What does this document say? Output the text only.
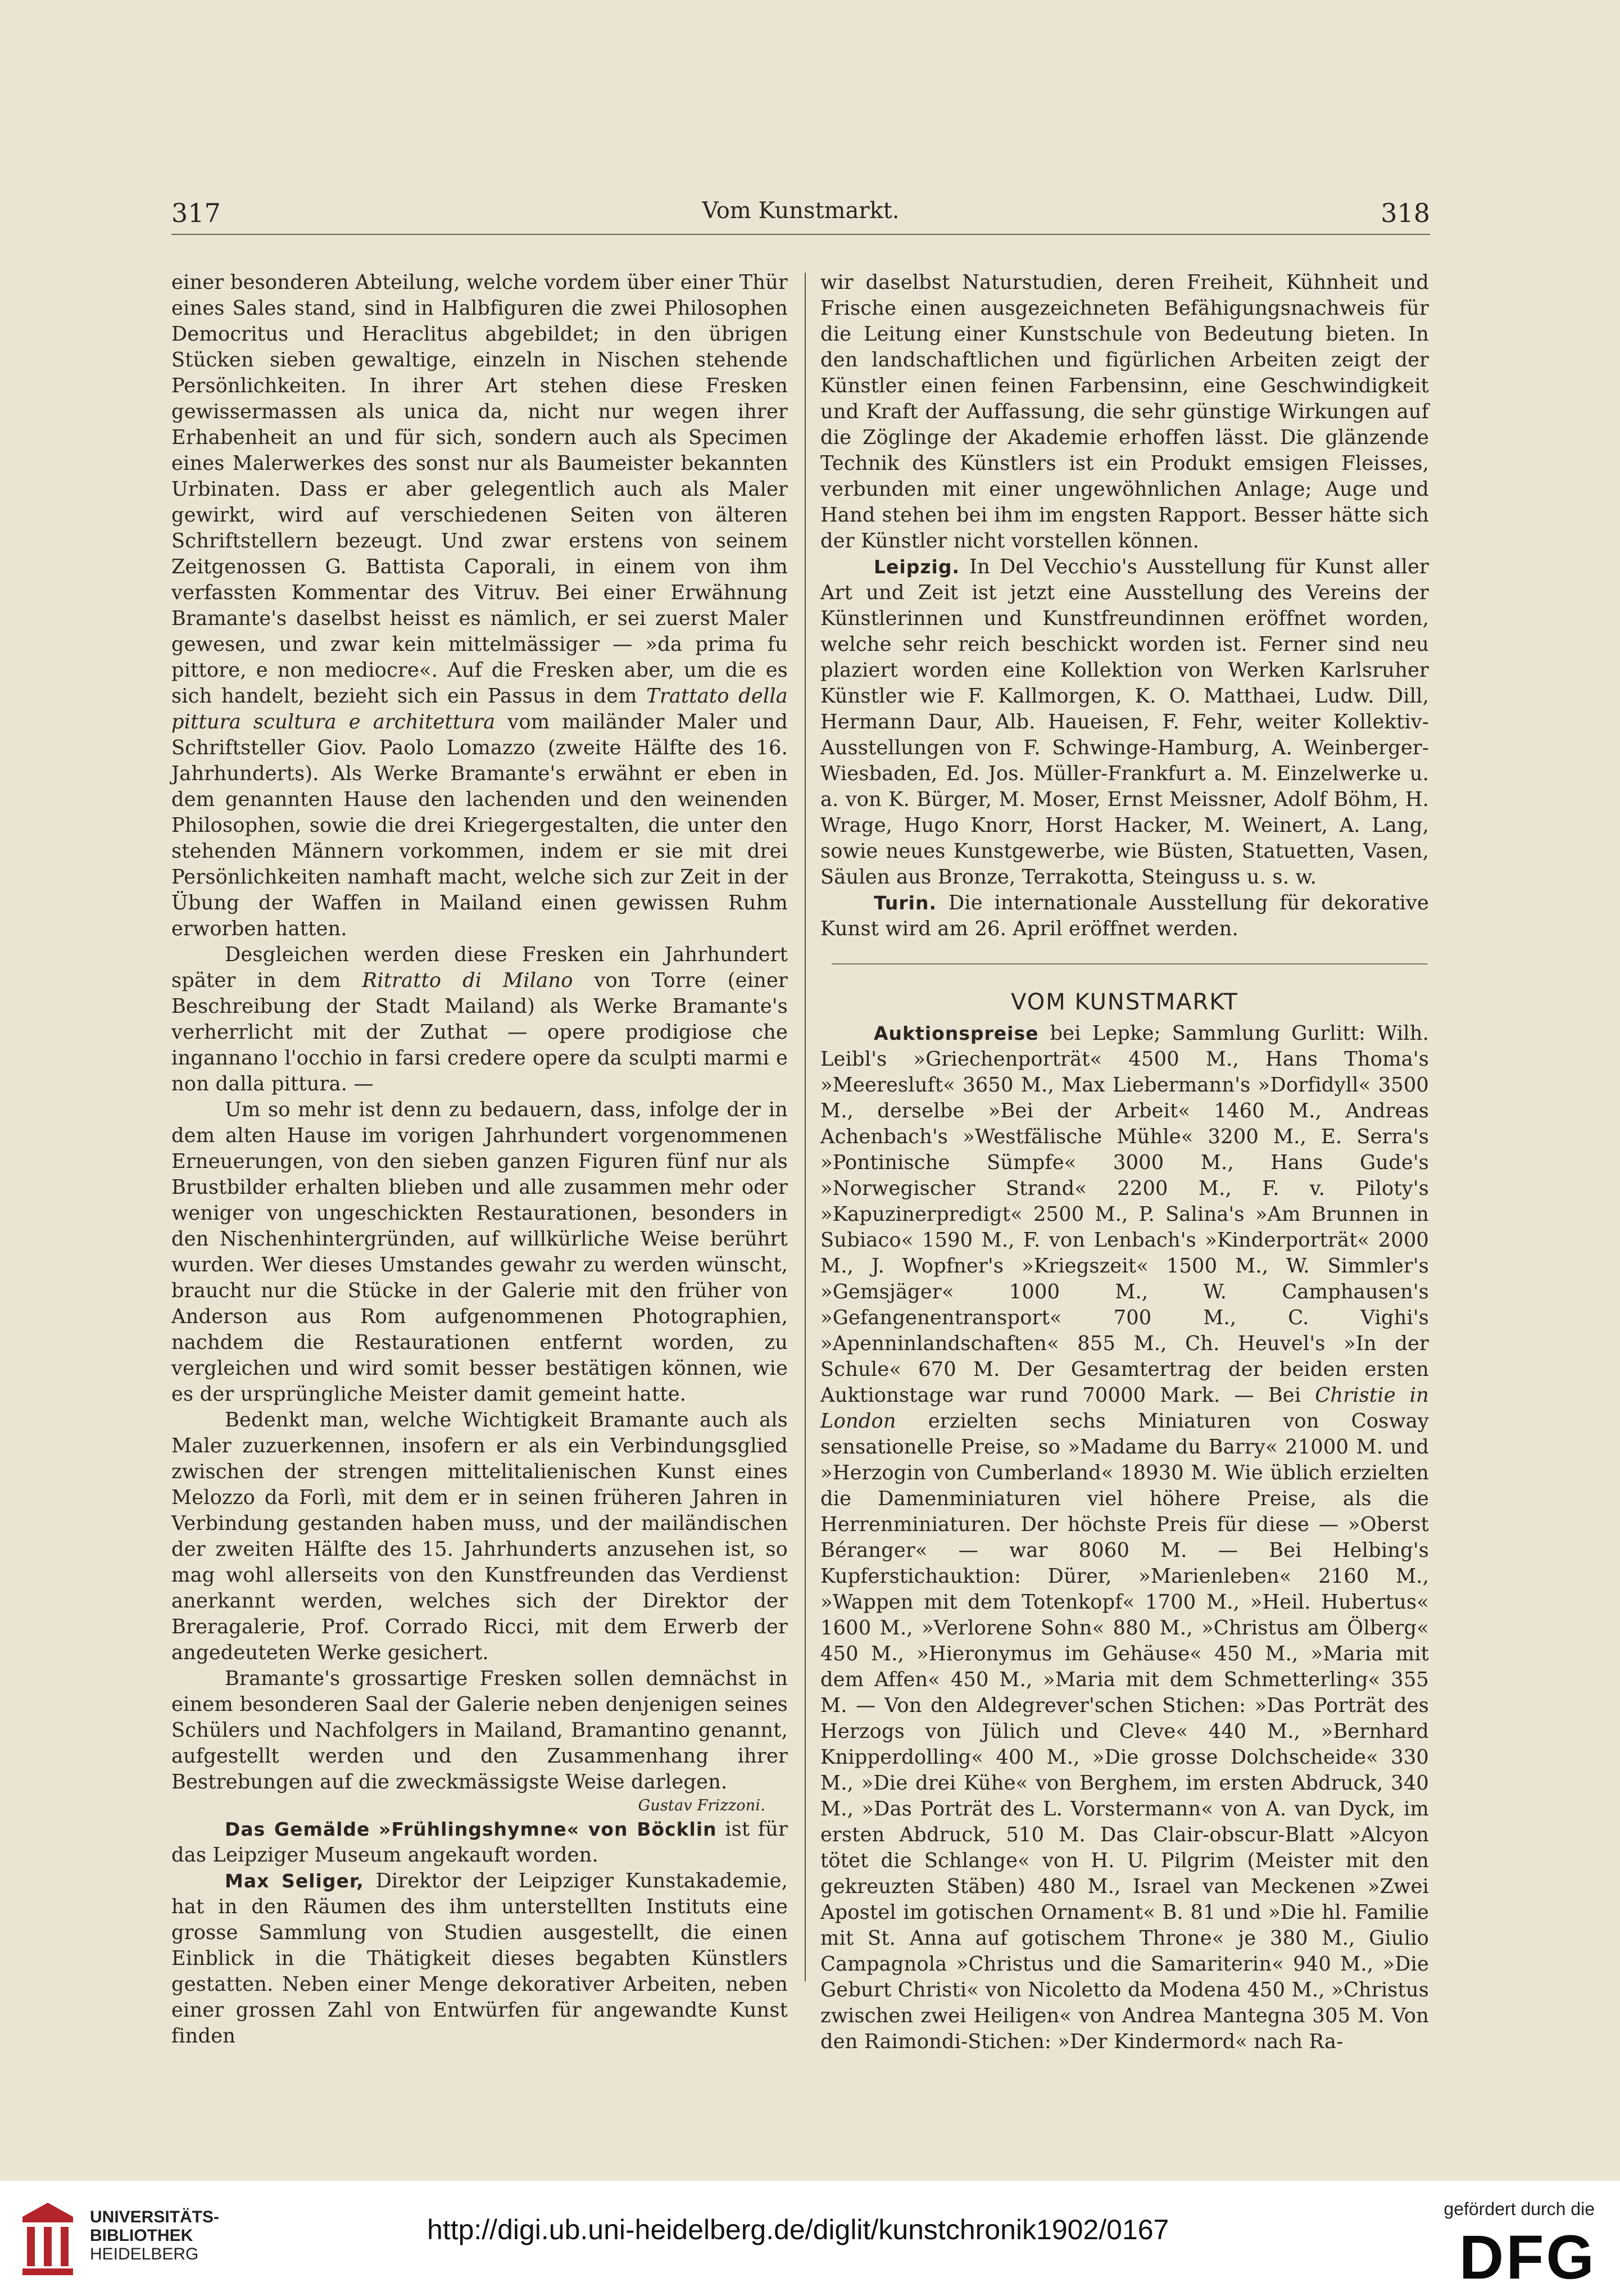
317	Vom Kunstmarkt.	318

einer besonderen Abteilung, welche vordem über einer Thür eines Sales stand, sind in Halbfiguren die zwei Philosophen Democritus und Heraclitus abgebildet; in den übrigen Stücken sieben gewaltige, einzeln in Nischen stehende Persönlichkeiten. In ihrer Art stehen diese Fresken gewissermassen als unica da, nicht nur wegen ihrer Erhabenheit an und für sich, sondern auch als Specimen eines Malerwerkes des sonst nur als Baumeister bekannten Urbinaten. Dass er aber gelegentlich auch als Maler gewirkt, wird auf verschiedenen Seiten von älteren Schriftstellern bezeugt. Und zwar erstens von seinem Zeitgenossen G. Battista Caporali, in einem von ihm verfassten Kommentar des Vitruv. Bei einer Erwähnung Bramante's daselbst heisst es nämlich, er sei zuerst Maler gewesen, und zwar kein mittelmässiger — »da prima fu pittore, e non mediocre«. Auf die Fresken aber, um die es sich handelt, bezieht sich ein Passus in dem Trattato della pittura scultura e architettura vom mailänder Maler und Schriftsteller Giov. Paolo Lomazzo (zweite Hälfte des 16. Jahrhunderts). Als Werke Bramante's erwähnt er eben in dem genannten Hause den lachenden und den weinenden Philosophen, sowie die drei Kriegergestalten, die unter den stehenden Männern vorkommen, indem er sie mit drei Persönlichkeiten namhaft macht, welche sich zur Zeit in der Übung der Waffen in Mailand einen gewissen Ruhm erworben hatten.

Desgleichen werden diese Fresken ein Jahrhundert später in dem Ritratto di Milano von Torre (einer Beschreibung der Stadt Mailand) als Werke Bramante's verherrlicht mit der Zuthat — opere prodigiose che ingannano l'occhio in farsi credere opere da sculpti marmi e non dalla pittura. —

Um so mehr ist denn zu bedauern, dass, infolge der in dem alten Hause im vorigen Jahrhundert vorgenommenen Erneuerungen, von den sieben ganzen Figuren fünf nur als Brustbilder erhalten blieben und alle zusammen mehr oder weniger von ungeschickten Restaurationen, besonders in den Nischenhintergründen, auf willkürliche Weise berührt wurden. Wer dieses Umstandes gewahr zu werden wünscht, braucht nur die Stücke in der Galerie mit den früher von Anderson aus Rom aufgenommenen Photographien, nachdem die Restaurationen entfernt worden, zu vergleichen und wird somit besser bestätigen können, wie es der ursprüngliche Meister damit gemeint hatte.

Bedenkt man, welche Wichtigkeit Bramante auch als Maler zuzuerkennen, insofern er als ein Verbindungsglied zwischen der strengen mittelitalienischen Kunst eines Melozzo da Forlì, mit dem er in seinen früheren Jahren in Verbindung gestanden haben muss, und der mailändischen der zweiten Hälfte des 15. Jahrhunderts anzusehen ist, so mag wohl allerseits von den Kunstfreunden das Verdienst anerkannt werden, welches sich der Direktor der Breragalerie, Prof. Corrado Ricci, mit dem Erwerb der angedeuteten Werke gesichert.

Bramante's grossartige Fresken sollen demnächst in einem besonderen Saal der Galerie neben denjenigen seines Schülers und Nachfolgers in Mailand, Bramantino genannt, aufgestellt werden und den Zusammenhang ihrer Bestrebungen auf die zweckmässigste Weise darlegen.

Gustav Frizzoni.

Das Gemälde »Frühlingshymne« von Böcklin ist für das Leipziger Museum angekauft worden.

Max Seliger, Direktor der Leipziger Kunstakademie, hat in den Räumen des ihm unterstellten Instituts eine grosse Sammlung von Studien ausgestellt, die einen Einblick in die Thätigkeit dieses begabten Künstlers gestatten. Neben einer Menge dekorativer Arbeiten, neben einer grossen Zahl von Entwürfen für angewandte Kunst finden

wir daselbst Naturstudien, deren Freiheit, Kühnheit und Frische einen ausgezeichneten Befähigungsnachweis für die Leitung einer Kunstschule von Bedeutung bieten. In den landschaftlichen und figürlichen Arbeiten zeigt der Künstler einen feinen Farbensinn, eine Geschwindigkeit und Kraft der Auffassung, die sehr günstige Wirkungen auf die Zöglinge der Akademie erhoffen lässt. Die glänzende Technik des Künstlers ist ein Produkt emsigen Fleisses, verbunden mit einer ungewöhnlichen Anlage; Auge und Hand stehen bei ihm im engsten Rapport. Besser hätte sich der Künstler nicht vorstellen können.

Leipzig. In Del Vecchio's Ausstellung für Kunst aller Art und Zeit ist jetzt eine Ausstellung des Vereins der Künstlerinnen und Kunstfreundinnen eröffnet worden, welche sehr reich beschickt worden ist. Ferner sind neu plaziert worden eine Kollektion von Werken Karlsruher Künstler wie F. Kallmorgen, K. O. Matthaei, Ludw. Dill, Hermann Daur, Alb. Haueisen, F. Fehr, weiter Kollektiv-Ausstellungen von F. Schwinge-Hamburg, A. Weinberger-Wiesbaden, Ed. Jos. Müller-Frankfurt a. M. Einzelwerke u. a. von K. Bürger, M. Moser, Ernst Meissner, Adolf Böhm, H. Wrage, Hugo Knorr, Horst Hacker, M. Weinert, A. Lang, sowie neues Kunstgewerbe, wie Büsten, Statuetten, Vasen, Säulen aus Bronze, Terrakotta, Steinguss u. s. w.

Turin. Die internationale Ausstellung für dekorative Kunst wird am 26. April eröffnet werden.

VOM KUNSTMARKT

Auktionspreise bei Lepke; Sammlung Gurlitt: Wilh. Leibl's »Griechenporträt« 4500 M., Hans Thoma's »Meeresluft« 3650 M., Max Liebermann's »Dorfidyll« 3500 M., derselbe »Bei der Arbeit« 1460 M., Andreas Achenbach's »Westfälische Mühle« 3200 M., E. Serra's »Pontinische Sümpfe« 3000 M., Hans Gude's »Norwegischer Strand« 2200 M., F. v. Piloty's »Kapuzinerpredigt« 2500 M., P. Salina's »Am Brunnen in Subiaco« 1590 M., F. von Lenbach's »Kinderporträt« 2000 M., J. Wopfner's »Kriegszeit« 1500 M., W. Simmler's »Gemsjäger« 1000 M., W. Camphausen's »Gefangenentransport« 700 M., C. Vighi's »Apenninlandschaften« 855 M., Ch. Heuvel's »In der Schule« 670 M. Der Gesamtertrag der beiden ersten Auktionstage war rund 70000 Mark. — Bei Christie in London erzielten sechs Miniaturen von Cosway sensationelle Preise, so »Madame du Barry« 21000 M. und »Herzogin von Cumberland« 18930 M. Wie üblich erzielten die Damenminiaturen viel höhere Preise, als die Herrenminiaturen. Der höchste Preis für diese — »Oberst Béranger« — war 8060 M. — Bei Helbing's Kupferstichauktion: Dürer, »Marienleben« 2160 M., »Wappen mit dem Totenkopf« 1700 M., »Heil. Hubertus« 1600 M., »Verlorene Sohn« 880 M., »Christus am Ölberg« 450 M., »Hieronymus im Gehäuse« 450 M., »Maria mit dem Affen« 450 M., »Maria mit dem Schmetterling« 355 M. — Von den Aldegrever'schen Stichen: »Das Porträt des Herzogs von Jülich und Cleve« 440 M., »Bernhard Knipperdolling« 400 M., »Die grosse Dolchscheide« 330 M., »Die drei Kühe« von Berghem, im ersten Abdruck, 340 M., »Das Porträt des L. Vorstermann« von A. van Dyck, im ersten Abdruck, 510 M. Das Clair-obscur-Blatt »Alcyon tötet die Schlange« von H. U. Pilgrim (Meister mit den gekreuzten Stäben) 480 M., Israel van Meckenen »Zwei Apostel im gotischen Ornament« B. 81 und »Die hl. Familie mit St. Anna auf gotischem Throne« je 380 M., Giulio Campagnola »Christus und die Samariterin« 940 M., »Die Geburt Christi« von Nicoletto da Modena 450 M., »Christus zwischen zwei Heiligen« von Andrea Mantegna 305 M. Von den Raimondi-Stichen: »Der Kindermord« nach Ra-

UNIVERSITÄTS-
BIBLIOTHEK
HEIDELBERG
http://digi.ub.uni-heidelberg.de/diglit/kunstchronik1902/0167
gefördert durch die
DFG
